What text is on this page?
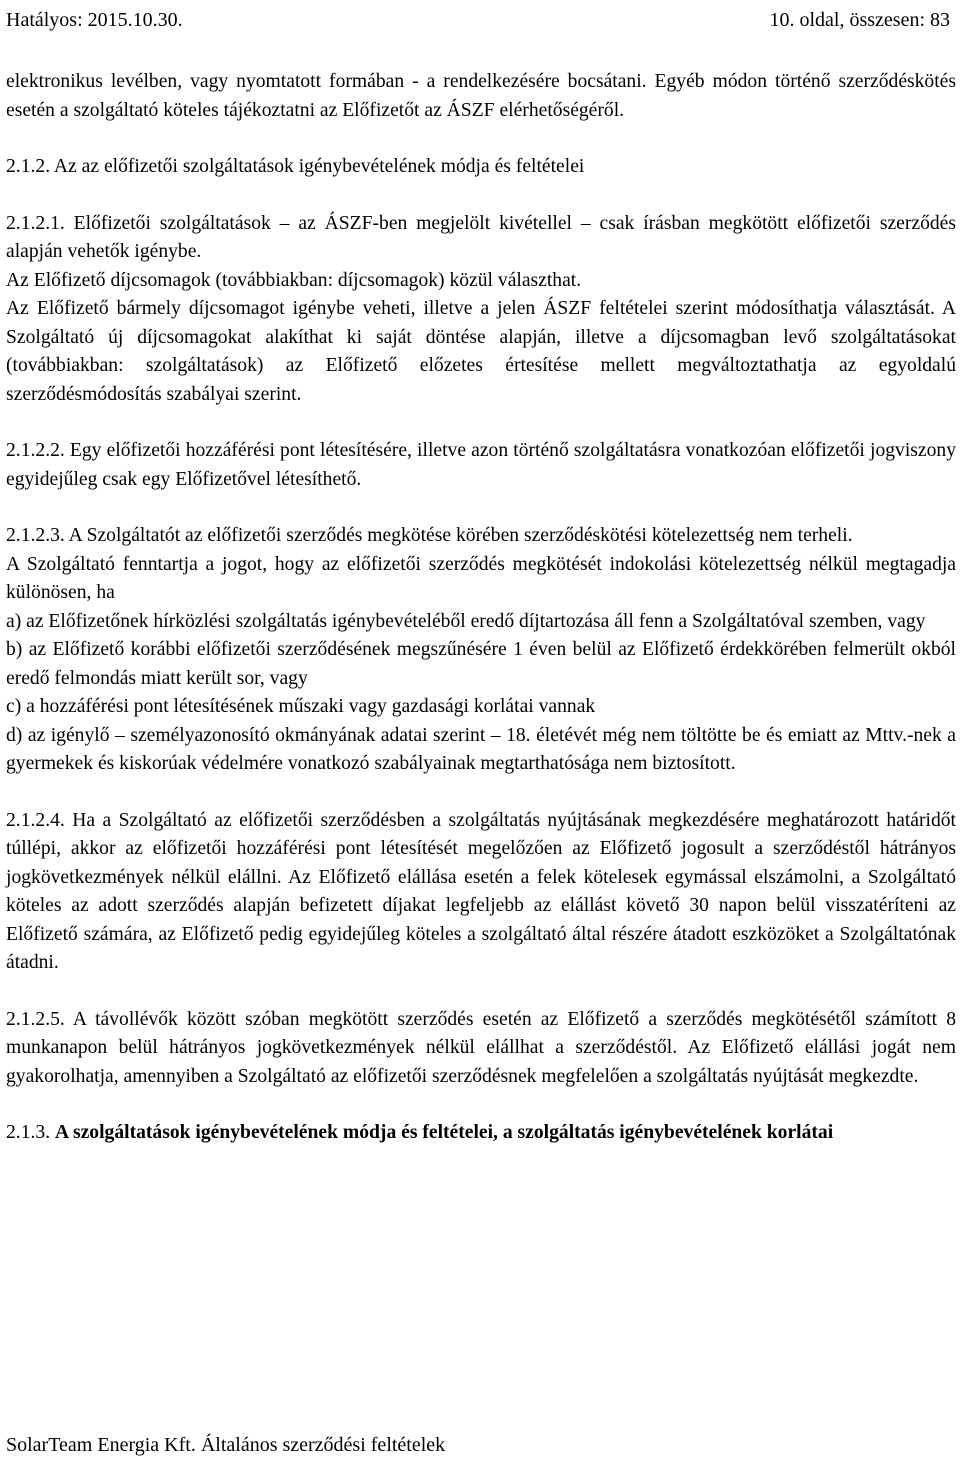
Hatályos: 2015.10.30.	10. oldal, összesen: 83

elektronikus levélben, vagy nyomtatott formában - a rendelkezésére bocsátani. Egyéb módon történő szerződéskötés esetén a szolgáltató köteles tájékoztatni az Előfizetőt az ÁSZF elérhetőségéről.

2.1.2. Az az előfizetői szolgáltatások igénybevételének módja és feltételei

2.1.2.1. Előfizetői szolgáltatások – az ÁSZF-ben megjelölt kivétellel – csak írásban megkötött előfizetői szerződés alapján vehetők igénybe.

Az Előfizető díjcsomagok (továbbiakban: díjcsomagok) közül választhat.

Az Előfizető bármely díjcsomagot igénybe veheti, illetve a jelen ÁSZF feltételei szerint módosíthatja választását. A Szolgáltató új díjcsomagokat alakíthat ki saját döntése alapján, illetve a díjcsomagban levő szolgáltatásokat (továbbiakban: szolgáltatások) az Előfizető előzetes értesítése mellett megváltoztathatja az egyoldalú szerződésmódosítás szabályai szerint.

2.1.2.2. Egy előfizetői hozzáférési pont létesítésére, illetve azon történő szolgáltatásra vonatkozóan előfizetői jogviszony egyidejűleg csak egy Előfizetővel létesíthető.

2.1.2.3. A Szolgáltatót az előfizetői szerződés megkötése körében szerződéskötési kötelezettség nem terheli.

A Szolgáltató fenntartja a jogot, hogy az előfizetői szerződés megkötését indokolási kötelezettség nélkül megtagadja különösen, ha

a) az Előfizetőnek hírközlési szolgáltatás igénybevételéből eredő díjtartozása áll fenn a Szolgáltatóval szemben, vagy

b) az Előfizető korábbi előfizetői szerződésének megszűnésére 1 éven belül az Előfizető érdekkörében felmerült okból eredő felmondás miatt került sor, vagy

c) a hozzáférési pont létesítésének műszaki vagy gazdasági korlátai vannak

d) az igénylő – személyazonosító okmányának adatai szerint – 18. életévét még nem töltötte be és emiatt az Mttv.-nek a gyermekek és kiskorúak védelmére vonatkozó szabályainak megtarthatósága nem biztosított.

2.1.2.4. Ha a Szolgáltató az előfizetői szerződésben a szolgáltatás nyújtásának megkezdésére meghatározott határidőt túllépi, akkor az előfizetői hozzáférési pont létesítését megelőzően az Előfizető jogosult a szerződéstől hátrányos jogkövetkezmények nélkül elállni. Az Előfizető elállása esetén a felek kötelesek egymással elszámolni, a Szolgáltató köteles az adott szerződés alapján befizetett díjakat legfeljebb az elállást követő 30 napon belül visszatéríteni az Előfizető számára, az Előfizető pedig egyidejűleg köteles a szolgáltató által részére átadott eszközöket a Szolgáltatónak átadni.

2.1.2.5. A távollévők között szóban megkötött szerződés esetén az Előfizető a szerződés megkötésétől számított 8 munkanapon belül hátrányos jogkövetkezmények nélkül elállhat a szerződéstől. Az Előfizető elállási jogát nem gyakorolhatja, amennyiben a Szolgáltató az előfizetői szerződésnek megfelelően a szolgáltatás nyújtását megkezdte.

2.1.3. A szolgáltatások igénybevételének módja és feltételei, a szolgáltatás igénybevételének korlátai

SolarTeam Energia Kft. Általános szerződési feltételek
